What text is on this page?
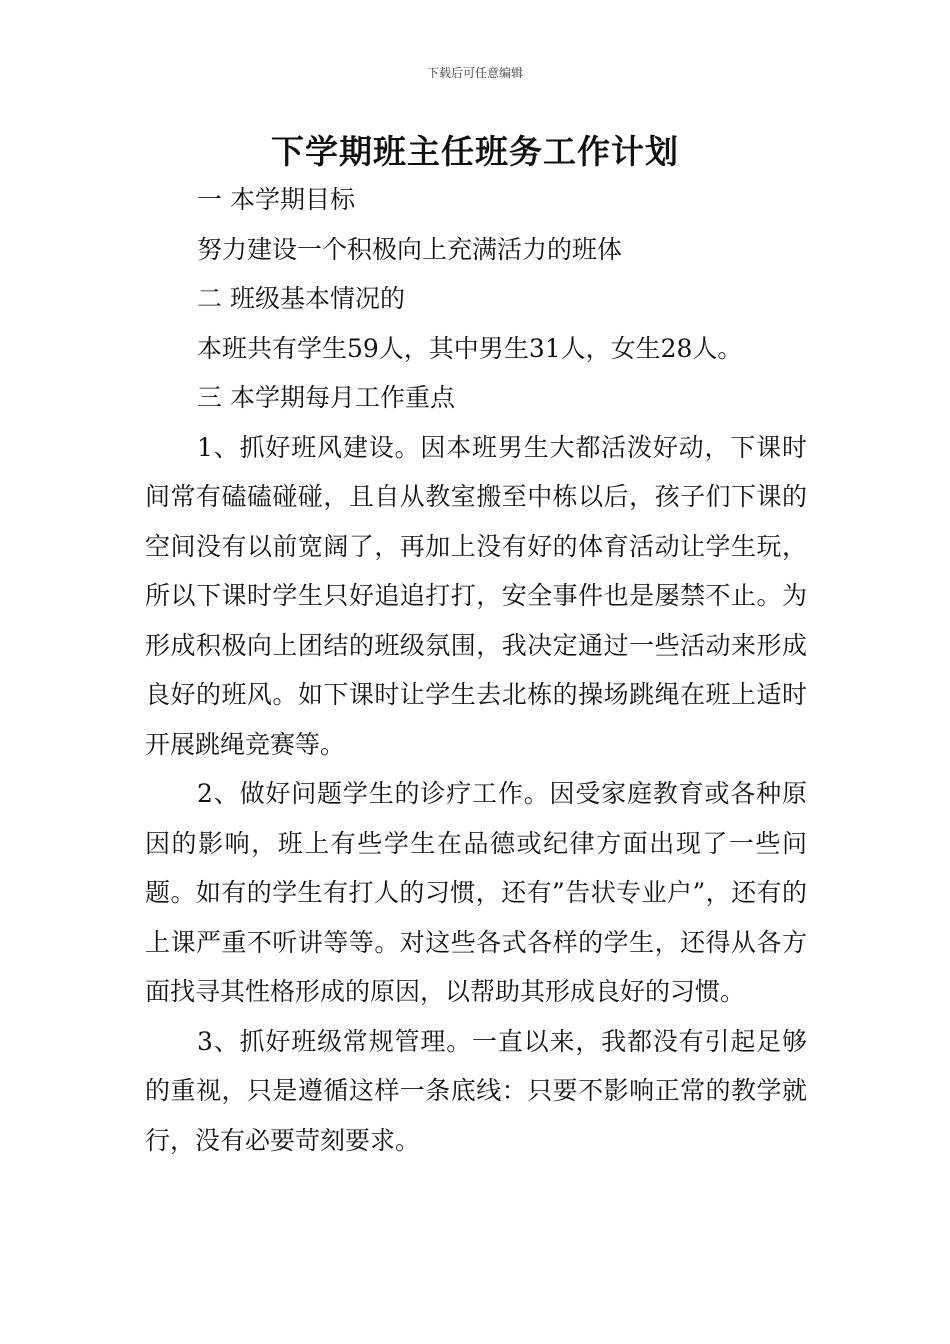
下载后可任意编辑
下学期班主任班务工作计划

一 本学期目标

努力建设一个积极向上充满活力的班体

二 班级基本情况的

本班共有学生59人，其中男生31人，女生28人。

三 本学期每月工作重点

1、抓好班风建设。因本班男生大都活泼好动，下课时间常有磕磕碰碰，且自从教室搬至中栋以后，孩子们下课的空间没有以前宽阔了，再加上没有好的体育活动让学生玩，所以下课时学生只好追追打打，安全事件也是屡禁不止。为形成积极向上团结的班级氛围，我决定通过一些活动来形成良好的班风。如下课时让学生去北栋的操场跳绳在班上适时开展跳绳竞赛等。

2、做好问题学生的诊疗工作。因受家庭教育或各种原因的影响，班上有些学生在品德或纪律方面出现了一些问题。如有的学生有打人的习惯，还有”告状专业户”，还有的上课严重不听讲等等。对这些各式各样的学生，还得从各方面找寻其性格形成的原因，以帮助其形成良好的习惯。

3、抓好班级常规管理。一直以来，我都没有引起足够的重视，只是遵循这样一条底线：只要不影响正常的教学就行，没有必要苛刻要求。
